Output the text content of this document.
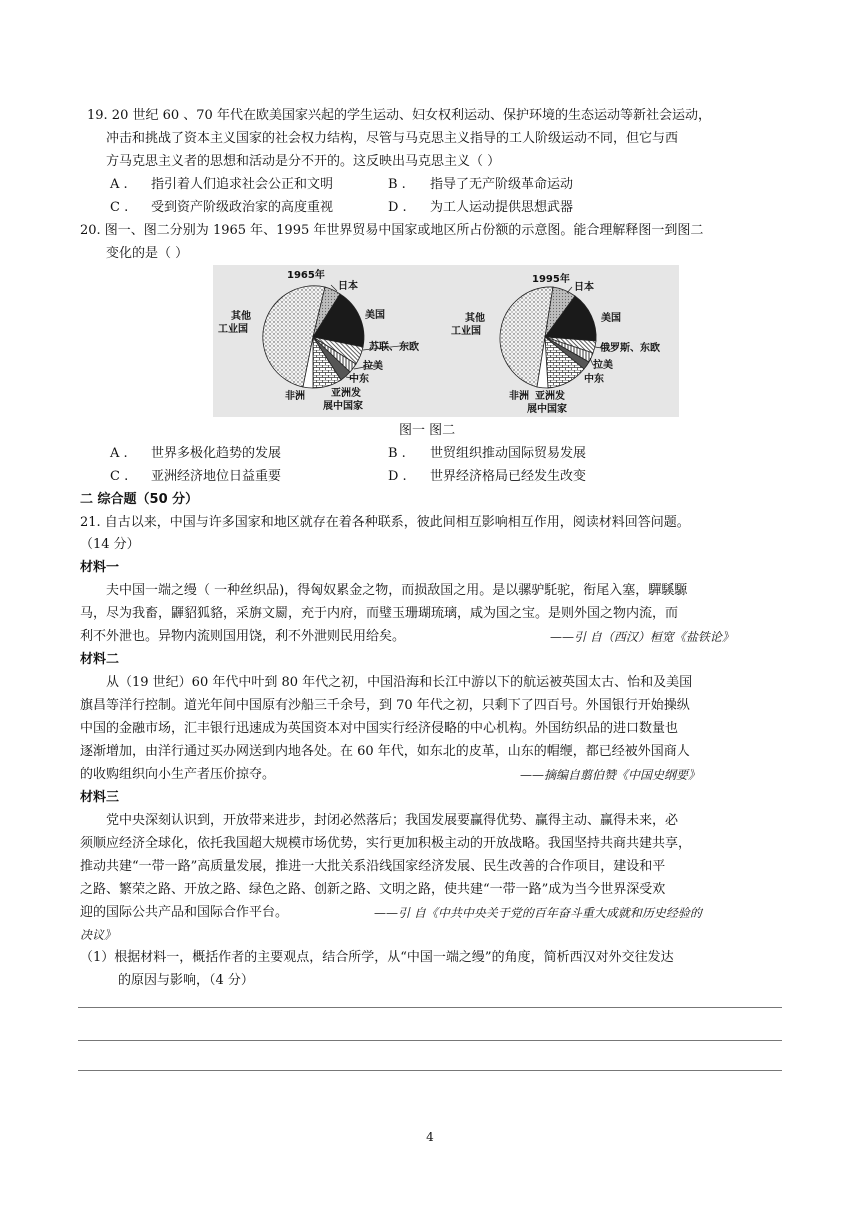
19. 20 世纪 60 、70 年代在欧美国家兴起的学生运动、妇女权利运动、保护环境的生态运动等新社会运动，
冲击和挑战了资本主义国家的社会权力结构，尽管与马克思主义指导的工人阶级运动不同，但它与西
方马克思主义者的思想和活动是分不开的。这反映出马克思主义（ ）
A . 指引着人们追求社会公正和文明	B . 指导了无产阶级革命运动
C . 受到资产阶级政治家的高度重视	D . 为工人运动提供思想武器
20. 图一、图二分别为 1965 年、1995 年世界贸易中国家或地区所占份额的示意图。能合理解释图一到图二
变化的是（ ）
1965年
日本
美国
苏联、东欧
拉美
中东
亚洲发
展中国家
非洲
其他
工业国
1995年
日本
美国
俄罗斯、东欧
拉美
中东
亚洲发
展中国家
非洲
其他
工业国
图一 图二
A . 世界多极化趋势的发展	B . 世贸组织推动国际贸易发展
C . 亚洲经济地位日益重要	D . 世界经济格局已经发生改变
二 综合题（50 分）
21. 自古以来，中国与许多国家和地区就存在着各种联系，彼此间相互影响相互作用，阅读材料回答问题。
（14 分）
材料一
夫中国一端之缦（ 一种丝织品)，得匈奴累金之物，而损敌国之用。是以骡驴馲驼，衔尾入塞，驒騱騵
马，尽为我畜，鼲貂狐貉，采旃文罽，充于内府，而璧玉珊瑚琉璃，咸为国之宝。是则外国之物内流，而
利不外泄也。异物内流则国用饶，利不外泄则民用给矣。	——引 自（西汉）桓宽《盐铁论》
材料二
从（19 世纪）60 年代中叶到 80 年代之初，中国沿海和长江中游以下的航运被英国太古、怡和及美国
旗昌等洋行控制。道光年间中国原有沙船三千余号，到 70 年代之初，只剩下了四百号。外国银行开始操纵
中国的金融市场，汇丰银行迅速成为英国资本对中国实行经济侵略的中心机构。外国纺织品的进口数量也
逐渐增加，由洋行通过买办网送到内地各处。在 60 年代，如东北的皮革，山东的帽缏，都已经被外国商人
的收购组织向小生产者压价掠夺。	——摘编自翦伯赞《中国史纲要》
材料三
党中央深刻认识到，开放带来进步，封闭必然落后；我国发展要赢得优势、赢得主动、赢得未来，必
须顺应经济全球化，依托我国超大规模市场优势，实行更加积极主动的开放战略。我国坚持共商共建共享，
推动共建“一带一路”高质量发展，推进一大批关系沿线国家经济发展、民生改善的合作项目，建设和平
之路、繁荣之路、开放之路、绿色之路、创新之路、文明之路，使共建“一带一路”成为当今世界深受欢
迎的国际公共产品和国际合作平台。	——引 自《中共中央关于党的百年奋斗重大成就和历史经验的
决议》
（1）根据材料一，概括作者的主要观点，结合所学，从“中国一端之缦”的角度，简析西汉对外交往发达
的原因与影响，（4 分）
4
